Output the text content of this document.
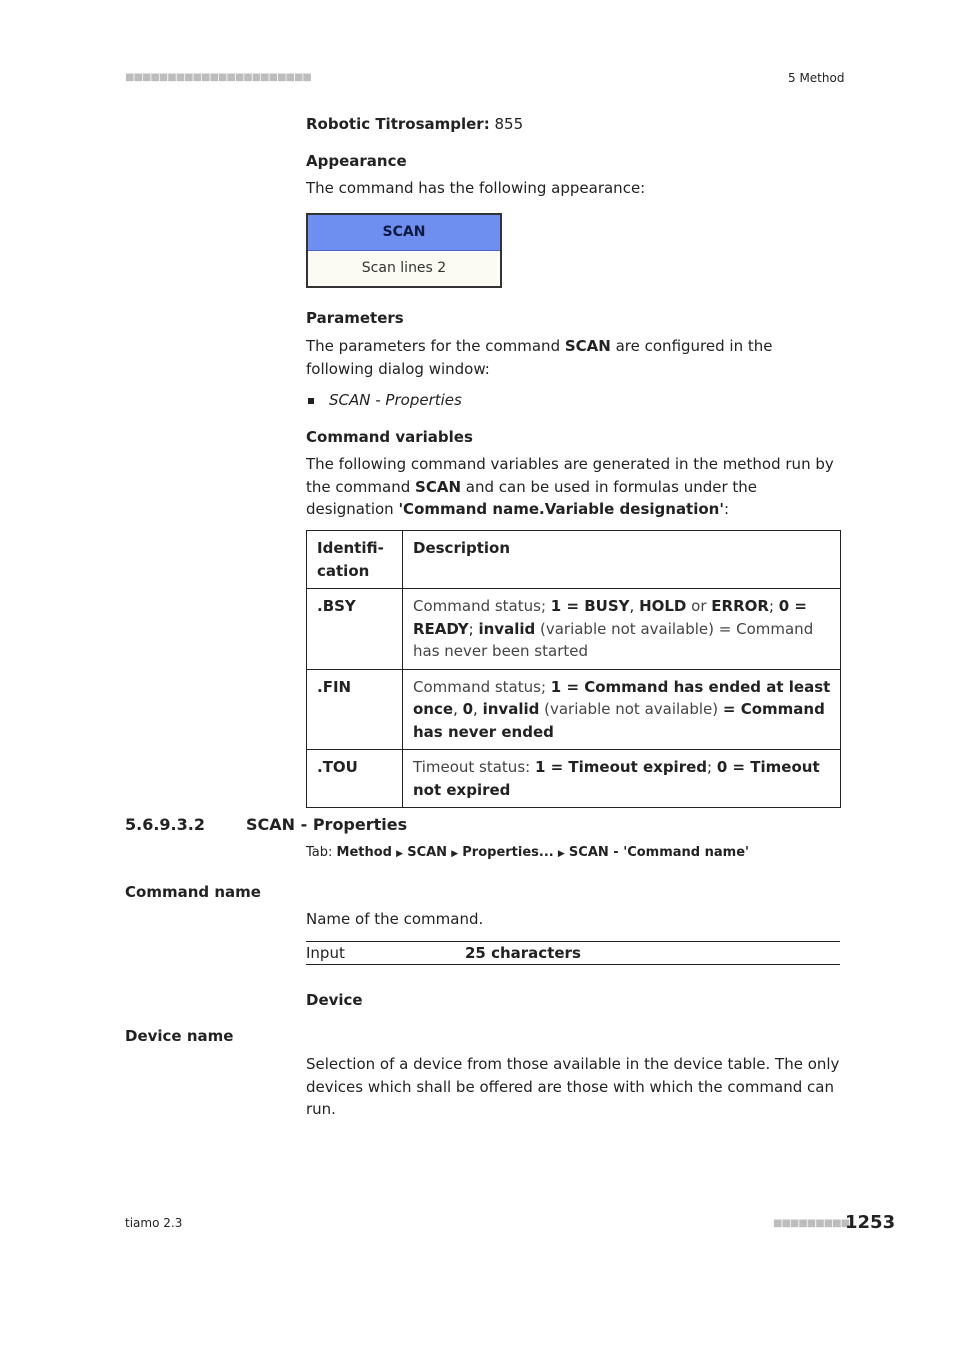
■■■■■■■■■■■■■■■■■■■■■■	5 Method

Robotic Titrosampler: 855

Appearance

The command has the following appearance:

SCAN
Scan lines 2

Parameters

The parameters for the command SCAN are configured in the following dialog window:

SCAN - Properties

Command variables

The following command variables are generated in the method run by the command SCAN and can be used in formulas under the designation 'Command name.Variable designation':

Identifi-cation	Description
.BSY	Command status; 1 = BUSY, HOLD or ERROR; 0 = READY; invalid (variable not available) = Command has never been started
.FIN	Command status; 1 = Command has ended at least once, 0, invalid (variable not available) = Command has never ended
.TOU	Timeout status: 1 = Timeout expired; 0 = Timeout not expired

5.6.9.3.2	SCAN - Properties

Tab: Method ▶ SCAN ▶ Properties... ▶ SCAN - 'Command name'

Command name

Name of the command.

Input	25 characters

Device

Device name

Selection of a device from those available in the device table. The only devices which shall be offered are those with which the command can run.

tiamo 2.3	■■■■■■■■■
1253
